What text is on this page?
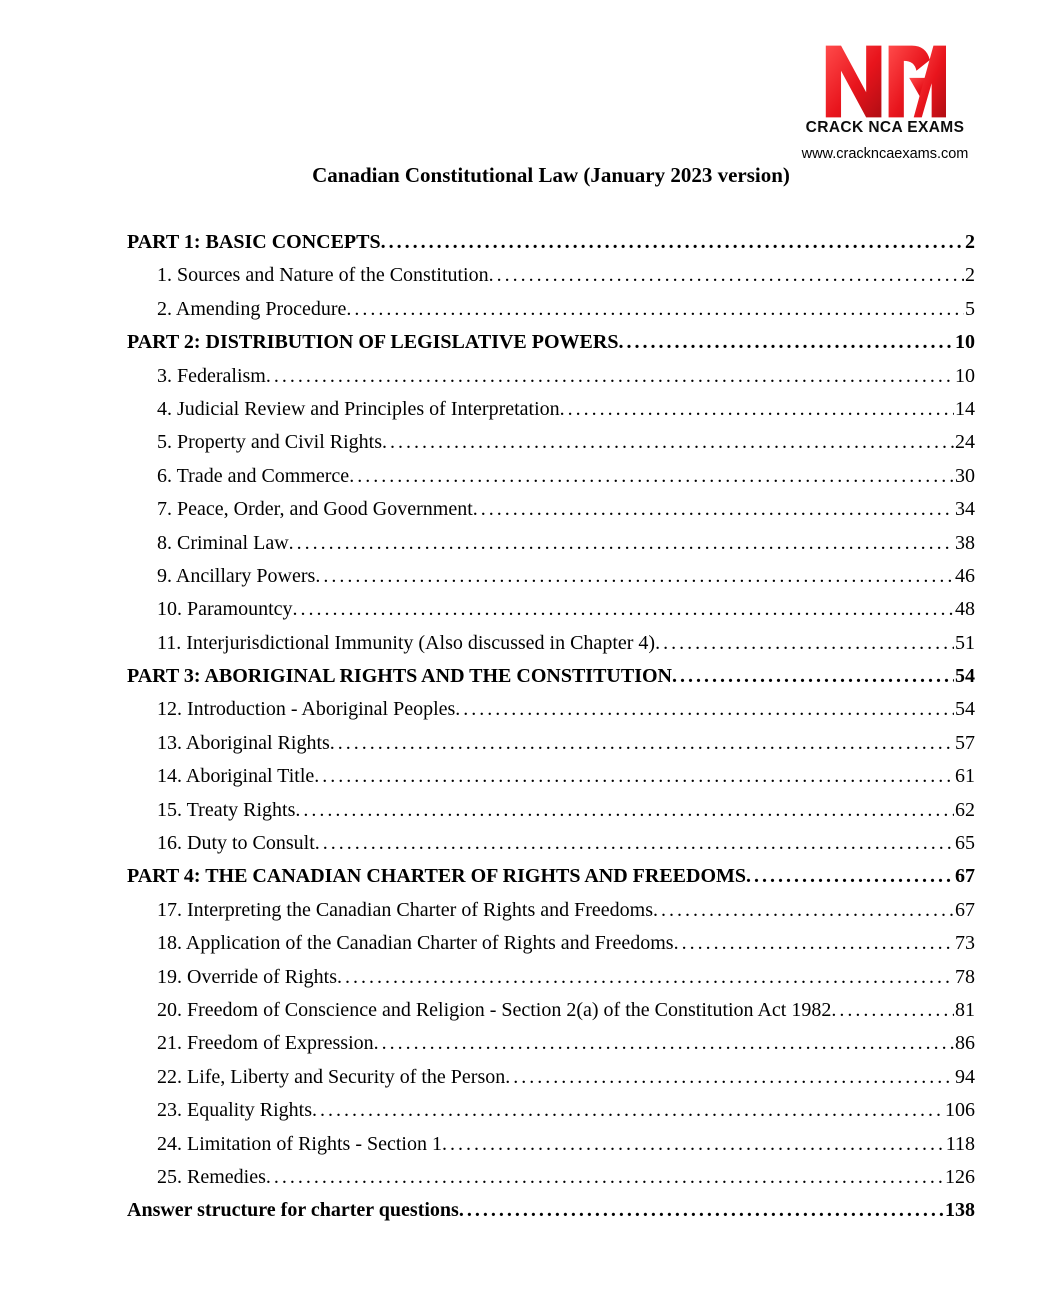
CRACK NCA EXAMS
www.crackncaexams.com
Canadian Constitutional Law (January 2023 version)
PART 1: BASIC CONCEPTS .....	2
1. Sources and Nature of the Constitution .....	2
2. Amending Procedure .....	5
PART 2: DISTRIBUTION OF LEGISLATIVE POWERS .....	10
3. Federalism .....	10
4. Judicial Review and Principles of Interpretation .....	14
5. Property and Civil Rights .....	24
6. Trade and Commerce .....	30
7. Peace, Order, and Good Government .....	34
8. Criminal Law .....	38
9. Ancillary Powers .....	46
10. Paramountcy .....	48
11. Interjurisdictional Immunity (Also discussed in Chapter 4) .....	51
PART 3: ABORIGINAL RIGHTS AND THE CONSTITUTION .....	54
12. Introduction - Aboriginal Peoples .....	54
13. Aboriginal Rights .....	57
14. Aboriginal Title .....	61
15. Treaty Rights .....	62
16. Duty to Consult .....	65
PART 4: THE CANADIAN CHARTER OF RIGHTS AND FREEDOMS .....	67
17. Interpreting the Canadian Charter of Rights and Freedoms .....	67
18. Application of the Canadian Charter of Rights and Freedoms .....	73
19. Override of Rights .....	78
20. Freedom of Conscience and Religion - Section 2(a) of the Constitution Act 1982 .....	81
21. Freedom of Expression .....	86
22. Life, Liberty and Security of the Person .....	94
23. Equality Rights .....	106
24. Limitation of Rights - Section 1 .....	118
25. Remedies .....	126
Answer structure for charter questions .....	138
